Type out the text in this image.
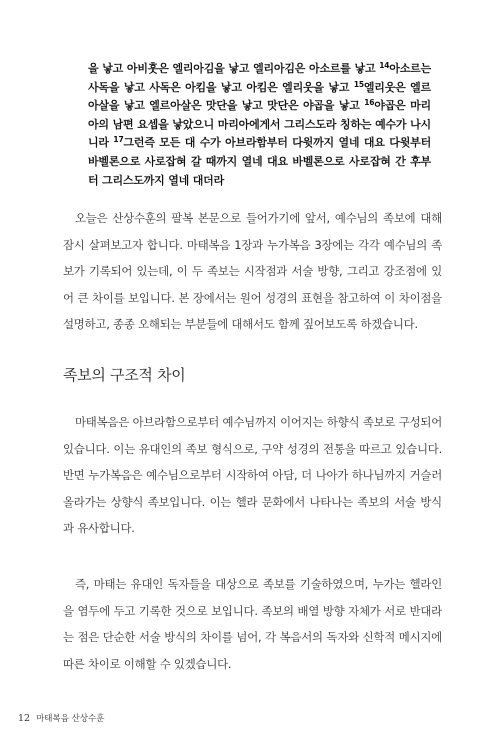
을 낳고 아비훗은 엘리아김을 낳고 엘리아김은 아소르를 낳고 $^{14}$아소르는 사독을 낳고 사독은 아킴을 낳고 아킴은 엘리웃을 낳고 $^{15}$엘리웃은 엘르아살을 낳고 엘르아살은 맛단을 낳고 맛단은 야곱을 낳고 $^{16}$야곱은 마리아의 남편 요셉을 낳았으니 마리아에게서 그리스도라 칭하는 예수가 나시니라 $^{17}$그런즉 모든 대 수가 아브라함부터 다윗까지 열네 대요 다윗부터 바벨론으로 사로잡혀 갈 때까지 열네 대요 바벨론으로 사로잡혀 간 후부터 그리스도까지 열네 대더라

오늘은 산상수훈의 팔복 본문으로 들어가기에 앞서, 예수님의 족보에 대해 잠시 살펴보고자 합니다. 마태복음 1장과 누가복음 3장에는 각각 예수님의 족보가 기록되어 있는데, 이 두 족보는 시작점과 서술 방향, 그리고 강조점에 있어 큰 차이를 보입니다. 본 장에서는 원어 성경의 표현을 참고하여 이 차이점을 설명하고, 종종 오해되는 부분들에 대해서도 함께 짚어보도록 하겠습니다.

족보의 구조적 차이

마태복음은 아브라함으로부터 예수님까지 이어지는 하향식 족보로 구성되어 있습니다. 이는 유대인의 족보 형식으로, 구약 성경의 전통을 따르고 있습니다. 반면 누가복음은 예수님으로부터 시작하여 아담, 더 나아가 하나님까지 거슬러 올라가는 상향식 족보입니다. 이는 헬라 문화에서 나타나는 족보의 서술 방식과 유사합니다.

즉, 마태는 유대인 독자들을 대상으로 족보를 기술하였으며, 누가는 헬라인을 염두에 두고 기록한 것으로 보입니다. 족보의 배열 방향 자체가 서로 반대라는 점은 단순한 서술 방식의 차이를 넘어, 각 복음서의 독자와 신학적 메시지에 따른 차이로 이해할 수 있겠습니다.

12 마태복음 산상수훈
